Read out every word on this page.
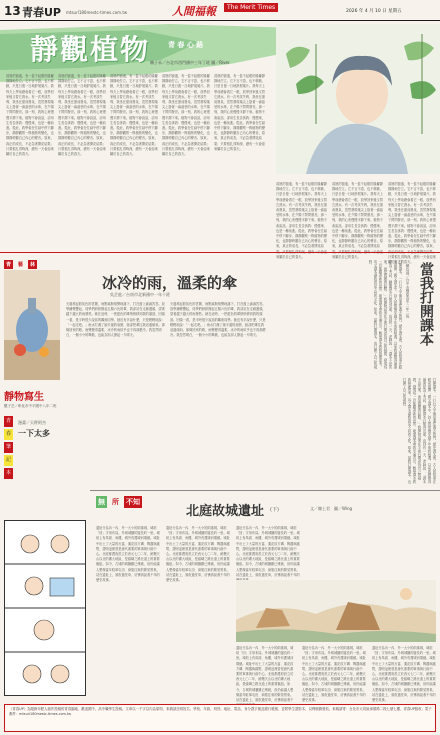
13 青春UP mtsurl180mestc-times.com.tw	人間福報	The Merit Times
2026 年 4 月 10 日 星期五
靜觀植物	青 春 心 路
賴子禾／台北市西門國中三年丁班 圖／River
清晨的窗邊，有一盆不起眼的綠蘿靜靜地佇立。它不言不語，也不移動，只是日復一日地舒展葉片。我每天上學前總會看它一眼，放學回家後又替它澆水。有一次考試失利，我坐在窗前發呆，忽然發現葉尖上掛著一滴晶瑩的水珠，在夕陽下閃閃發亮。那一刻，我的心竟慢慢平靜下來。植物不會說話，卻用生長告訴我：慢慢來，也是一種前進。從此，我學會在忙碌中停下腳步，靜靜觀察一株植物的變化，也靜靜聆聽自己內心的聲音。原來，真正的成長，不必急著開花結果；只要根扎得夠深，總有一天會迎來屬於自己的春天。
清晨的窗邊，有一盆不起眼的綠蘿靜靜地佇立。它不言不語，也不移動，只是日復一日地舒展葉片。我每天上學前總會看它一眼，放學回家後又替它澆水。有一次考試失利，我坐在窗前發呆，忽然發現葉尖上掛著一滴晶瑩的水珠，在夕陽下閃閃發亮。那一刻，我的心竟慢慢平靜下來。植物不會說話，卻用生長告訴我：慢慢來，也是一種前進。從此，我學會在忙碌中停下腳步，靜靜觀察一株植物的變化，也靜靜聆聽自己內心的聲音。原來，真正的成長，不必急著開花結果；只要根扎得夠深，總有一天會迎來屬於自己的春天。
清晨的窗邊，有一盆不起眼的綠蘿靜靜地佇立。它不言不語，也不移動，只是日復一日地舒展葉片。我每天上學前總會看它一眼，放學回家後又替它澆水。有一次考試失利，我坐在窗前發呆，忽然發現葉尖上掛著一滴晶瑩的水珠，在夕陽下閃閃發亮。那一刻，我的心竟慢慢平靜下來。植物不會說話，卻用生長告訴我：慢慢來，也是一種前進。從此，我學會在忙碌中停下腳步，靜靜觀察一株植物的變化，也靜靜聆聽自己內心的聲音。原來，真正的成長，不必急著開花結果；只要根扎得夠深，總有一天會迎來屬於自己的春天。
清晨的窗邊，有一盆不起眼的綠蘿靜靜地佇立。它不言不語，也不移動，只是日復一日地舒展葉片。我每天上學前總會看它一眼，放學回家後又替它澆水。有一次考試失利，我坐在窗前發呆，忽然發現葉尖上掛著一滴晶瑩的水珠，在夕陽下閃閃發亮。那一刻，我的心竟慢慢平靜下來。植物不會說話，卻用生長告訴我：慢慢來，也是一種前進。從此，我學會在忙碌中停下腳步，靜靜觀察一株植物的變化，也靜靜聆聽自己內心的聲音。原來，真正的成長，不必急著開花結果；只要根扎得夠深，總有一天會迎來屬於自己的春天。
清晨的窗邊，有一盆不起眼的綠蘿靜靜地佇立。它不言不語，也不移動，只是日復一日地舒展葉片。我每天上學前總會看它一眼，放學回家後又替它澆水。有一次考試失利，我坐在窗前發呆，忽然發現葉尖上掛著一滴晶瑩的水珠，在夕陽下閃閃發亮。那一刻，我的心竟慢慢平靜下來。植物不會說話，卻用生長告訴我：慢慢來，也是一種前進。從此，我學會在忙碌中停下腳步，靜靜觀察一株植物的變化，也靜靜聆聽自己內心的聲音。原來，真正的成長，不必急著開花結果；只要根扎得夠深，總有一天會迎來屬於自己的春天。
清晨的窗邊，有一盆不起眼的綠蘿靜靜地佇立。它不言不語，也不移動，只是日復一日地舒展葉片。我每天上學前總會看它一眼，放學回家後又替它澆水。有一次考試失利，我坐在窗前發呆，忽然發現葉尖上掛著一滴晶瑩的水珠，在夕陽下閃閃發亮。那一刻，我的心竟慢慢平靜下來。植物不會說話，卻用生長告訴我：慢慢來，也是一種前進。從此，我學會在忙碌中停下腳步，靜靜觀察一株植物的變化，也靜靜聆聽自己內心的聲音。原來，真正的成長，不必急著開花結 來屬於自己的春天。
清晨的窗邊，有一盆不起眼的綠蘿靜靜地佇立。它不言不語，也不移動，只是日復一日地舒展葉片。我每天上學前總會看它一眼，放學回家後又替它澆水。有一次考試失利，我坐在窗前發呆，忽然發現葉尖上掛著一滴晶瑩的水珠，在夕陽下閃閃發亮。那一刻，我的心竟慢慢平靜下來。植物不會說話，卻用生長告訴我：慢慢來，也是一種前進。從此，我學會在忙碌中停下腳步，靜靜觀察一株植物的變化，也靜靜聆聽自己內心的聲音。原來，真正的成長，不必急著開花結 來屬於自己的春天。
清晨的窗邊，有一盆不起眼的綠蘿靜靜地佇立。它不言不語，也不移動，只是日復一日地舒展葉片。我每天上學前總會看它一眼，放學回家後又替它澆水。有一次考試失利，我坐在窗前發呆，忽然發現葉尖上掛著一滴晶瑩的水珠，在夕陽下閃閃發亮。那一刻，我的心竟慢慢平靜下來。植物不會說話，卻用生長告訴我：慢慢來，也是一種前進。從此，我學會在忙碌中停下腳步，靜靜觀察一株植物的變化，也靜靜聆聽自己內心的聲音。原來， 只要根扎得夠深，總有一天會迎來屬於自己的春天。
青	藝	林
冰冷的雨，溫柔的傘
吳芷庭／台南市北新國中一年十班
靜物寫生
羅子芸／彰化市中平國中八年二班
天邊堆起鉛灰色的雲層，雨點毫無預警地落下，打在窗上滴滴答答。放學鐘聲響起，同學們紛紛撐起五顏六色的傘，我卻站在走廊盡頭，望著越下越大的雨發愁。就在這時，一把藍色的傘悄悄移到我的頭頂。回頭一看，是平時很少說話的鄰座同學。她沒有多說什麼，只是輕輕地說：「一起走吧。」雨水打濕了她半邊的肩膀，她卻把傘往我這邊傾斜。那條回家的路，雨聲變得溫柔，冰冷的雨似乎也不再那麼冷。我忽然明白，一個小小的舉動，也能為別人撐起一片晴天。
天邊堆起鉛灰色的雲層，雨點毫無預警地落下，打在窗上滴滴答答。放學鐘聲響起，同學們紛紛撐起五顏六色的傘，我卻站在走廊盡頭，望著越下越大的雨發愁。就在這時，一把藍色的傘悄悄移到我的頭頂。回頭一看，是平時很少說話的鄰座同學。她沒有多說什麼，只是輕輕地說：「一起走吧。」雨水打濕了她半邊的肩膀，她卻把傘往我這邊傾斜。那條回家的路，雨聲變得溫柔，冰冷的雨似乎也不再那麼冷。我忽然明白，一個小小的舉動，也能為別人撐起一片晴天。
青
春
筆
記
本
漫畫／天秤阿杰
一下太多
當我打開課本
戴均瑋／台中市豐原高中二年二班
打開課本，一行行文字像是通往過去的門。歷史課本裡，古人的故事在眼前展開；國文課本中，詩人的情懷穿越千年與我相遇。以前我總覺得讀書是為了考試，翻開課本只覺得沉重。直到有一天，老師說：「課本不是答案，而是問題的起點。」我開始試著在字裡行間尋找自己的疑問，發現每一頁都藏著新的世界。地理課本帶我走遍山川，數學課本教我推理思考，英文課本讓我看見不同的文化。原來，當我打開課本，也打開了自己的視野。
打開課本，一行行文字像是通往過去的門。歷史課本裡，古人的故事在眼前展開；國文課本中，詩人的情懷穿越千年與我相遇。以前我總覺得讀書是為了考試，翻開課本只覺得沉重。直到有一天，老師說：「課本不是答案，而是問題的起點。」我開始試著在字裡行間尋找自己的疑問，發現每一頁都藏著新的世界。地理課本帶我走遍山川，數學課本教我推理思考，英文課本讓我看見不同的文化。原來，當我打開課本，也打開了自己的視野。
無 所 不知
北庭故城遺址 (下)	文／陳上君　圖／Wing
遺址分為內一內、外一大小的兩重城，城垣「回」字形布局。外城城牆的邊長約一里。城垣上有馬面、角樓，城外有護城河環繞。城址中出土了大量的瓦當、蓮花紋方磚、陶器與錢幣，證明這裡曾是唐代重要的軍事與行政中心。北庭都護府設立於西元七〇二年，統轄天山以北的廣大地區，是絲綢之路北道上的重要樞紐。如今，古城的城牆雖已殘破，但仍能讓人想像當年駐軍屯田、商旅往來的繁榮景象。站在遺址上，風吹過荒草，彷彿訴說著千年的歷史故事。
遺址分為內一內、外一大小的兩重城，城垣「回」字形布局。外城城牆的邊長約一里。城垣上有馬面、角樓，城外有護城河環繞。城址中出土了大量的瓦當、蓮花紋方磚、陶器與錢幣，證明這裡曾是唐代重要的軍事與行政中心。北庭都護府設立於西元七〇二年，統轄天山以北的廣大地區，是絲綢之路北道上的重要樞紐。如今，古城的城牆雖已殘破，但仍能讓人想像當年駐軍屯田、商旅往來的繁榮景象。站在遺址上，風吹過荒草，彷彿訴說著千年的歷史故事。
遺址分為內一內、外一大小的兩重城，城垣「回」字形布局。外城城牆的邊長約一里。城垣上有馬面、角樓，城外有護城河環繞。城址中出土了大量的瓦當、蓮花紋方磚、陶器與錢幣，證明這裡曾是唐代重要的軍事與行政中心。北庭都護府設立於西元七〇二年，統轄天山以北的廣大地區，是絲綢之路北道上的重要樞紐。如今，古城的城牆雖已殘破，但仍能讓人想像當年駐軍屯田、商旅往來的繁榮景象。站在遺址上，風吹過荒草，彷彿訴說著千年的
遺址分為內一內、外一大小的兩重城，城垣「回」字形布局。外城城牆的邊長約一里。城垣上有馬面、角樓，城外有護城河環繞。城址中出土了大量的瓦當、蓮花紋方磚、陶器與錢幣，證明這裡曾是唐代重要的軍事與行政中心。北庭都護府設立於西元七〇二年，統轄天山以北的廣大地區，是絲綢之路北道上的重要樞紐。如今，古城的城牆雖已殘破，但仍能讓人想像當年駐軍屯田、商旅往來的繁榮景象。站在遺址上，風吹過荒草，彷彿訴說著千
遺址分為內一內、外一大小的兩重城，城垣「回」字形布局。外城城牆的邊長約一里。城垣上有馬面、角樓，城外有護城河環繞。城址中出土了大量的瓦當、蓮花紋方磚、陶器與錢幣，證明這裡曾是唐代重要的軍事與行政中心。北庭都護府設立於西元七〇二年，統轄天山以北的廣大地區，是絲綢之路北道上的重要樞紐。如今，古城的城牆雖已殘破，但仍能讓人想像當年駐軍屯田、商旅往來的繁榮景象。站在遺址上，風吹過荒草，彷彿訴說著千年的歷史故事。
遺址分為內一內、外一大小的兩重城，城垣「回」字形布局。外城城牆的邊長約一里。城垣上有馬面、角樓，城外有護城河環繞。城址中出土了大量的瓦當、蓮花紋方磚、陶器與錢幣，證明這裡曾是唐代重要的軍事與行政中心。北庭都護府設立於西元七〇二年，統轄天山以北的廣大地區，是絲綢之路北道上的重要樞紐。如今，古城的城牆雖已殘破，但仍能讓人想像當年駐軍屯田、商旅往來的繁榮景象。站在遺址上，風吹過荒草，彷彿訴說著千年的歷史故事。
《青春UP》為服務年輕人創作投稿的青春園地，歡迎國中、高中職學生投稿。文章以一千字以內為原則，來稿請註明姓名、學校、年級、班別、地址、電話、身分證字號及銀行帳號，並附學生證影本，以利稿費發放。來稿請寄：台北市大同區承德路二段七號七樓，青春UP版收；電子郵件：mtsurl180mestc-times.com.tw
